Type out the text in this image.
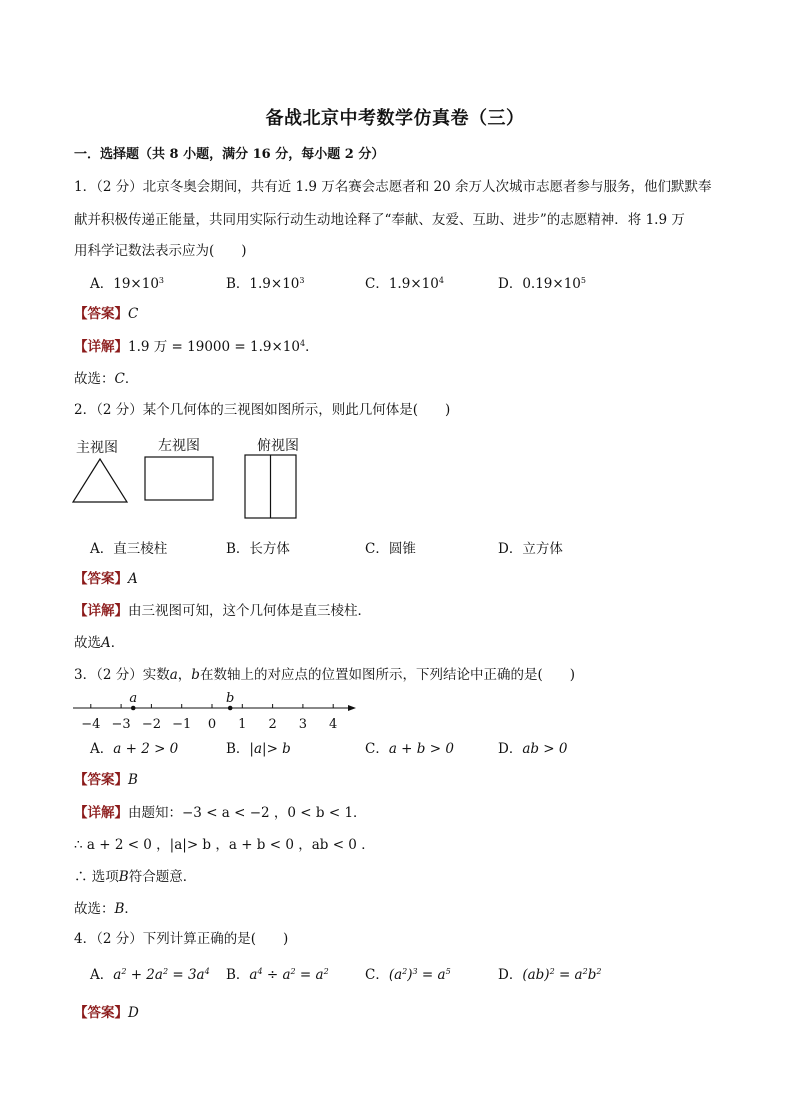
备战北京中考数学仿真卷（三）
一．选择题（共 8 小题，满分 16 分，每小题 2 分）
1．（2 分）北京冬奥会期间，共有近 1.9 万名赛会志愿者和 20 余万人次城市志愿者参与服务，他们默默奉
献并积极传递正能量，共同用实际行动生动地诠释了“奉献、友爱、互助、进步”的志愿精神．将 1.9 万
用科学记数法表示应为(　　)
A．$19\times 10^3$	B．$1.9\times 10^3$	C．$1.9\times 10^4$	D．$0.19\times 10^5$
【答案】C
【详解】1.9 万 = $19000 = 1.9\times 10^4$．
故选：C．
2．（2 分）某个几何体的三视图如图所示，则此几何体是(　　)
主视图	左视图	俯视图
A．直三棱柱	B．长方体	C．圆锥	D．立方体
【答案】A
【详解】由三视图可知，这个几何体是直三棱柱．
故选A．
3．（2 分）实数a，b在数轴上的对应点的位置如图所示，下列结论中正确的是(　　)
−4 −3 −2 −1 0 1 2 3 4
a	b
A．a + 2 > 0	B．|a|> b	C．a + b > 0	D．ab > 0
【答案】B
【详解】由题知：−3 < a < −2 ，0 < b < 1．
∴ a + 2 < 0 ，|a|> b ，a + b < 0 ，ab < 0 ．
∴ 选项B符合题意．
故选：B．
4．（2 分）下列计算正确的是(　　)
A．$a^2 + 2a^2 = 3a^4$ B．$a^4 \div a^2 = a^2$	C．$(a^2)^3 = a^5$	D．$(ab)^2 = a^2b^2$
【答案】D
